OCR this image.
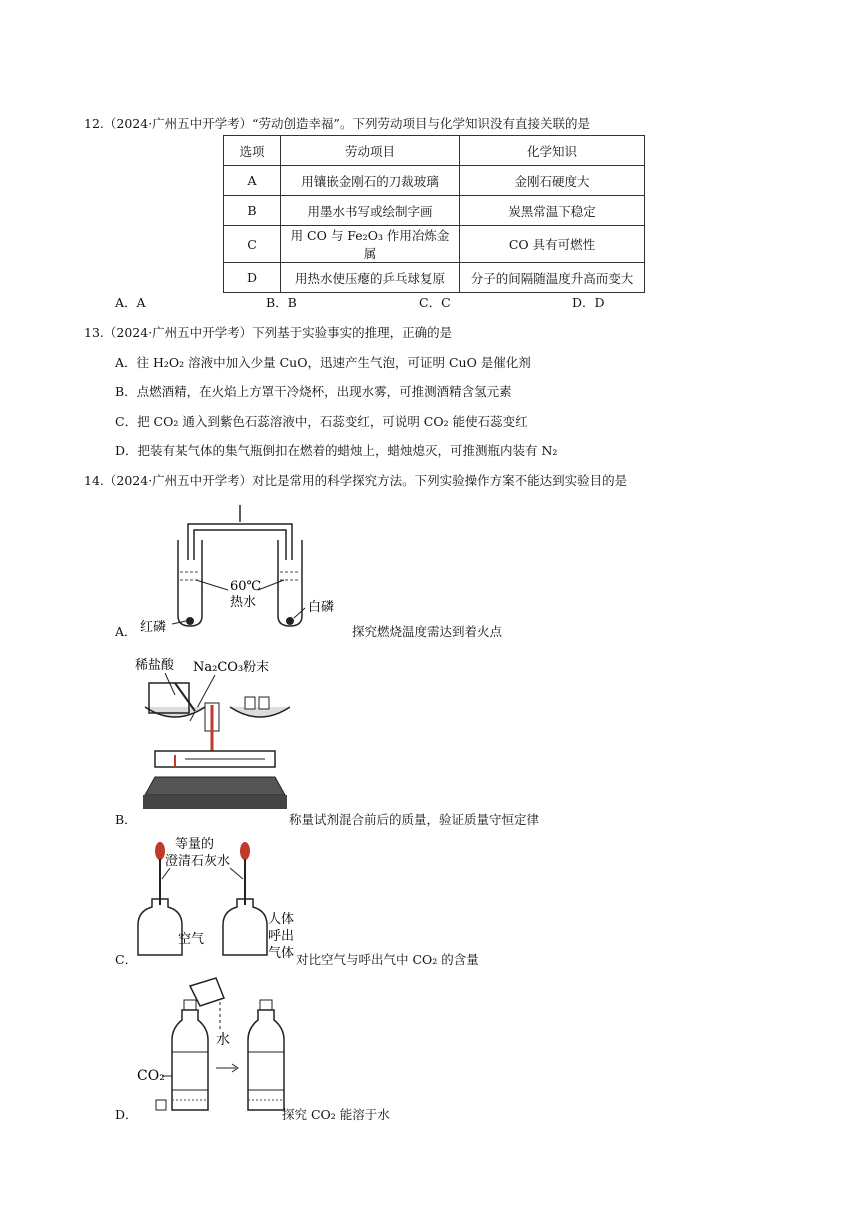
12.（2024·广州五中开学考）“劳动创造幸福”。下列劳动项目与化学知识没有直接关联的是
选项	劳动项目	化学知识
A	用镶嵌金刚石的刀裁玻璃	金刚石硬度大
B	用墨水书写或绘制字画	炭黑常温下稳定
C	用 CO 与 Fe₂O₃ 作用冶炼金属	CO 具有可燃性
D	用热水使压瘪的乒乓球复原	分子的间隔随温度升高而变大
A．A	B．B	C．C	D．D
13.（2024·广州五中开学考）下列基于实验事实的推理，正确的是
A．往 H₂O₂ 溶液中加入少量 CuO，迅速产生气泡，可证明 CuO 是催化剂
B．点燃酒精，在火焰上方罩干冷烧杯，出现水雾，可推测酒精含氢元素
C．把 CO₂ 通入到紫色石蕊溶液中，石蕊变红，可说明 CO₂ 能使石蕊变红
D．把装有某气体的集气瓶倒扣在燃着的蜡烛上，蜡烛熄灭，可推测瓶内装有 N₂
14.（2024·广州五中开学考）对比是常用的科学探究方法。下列实验操作方案不能达到实验目的是
A．
60℃
热水
红磷
白磷
探究燃烧温度需达到着火点
B．
稀盐酸 Na₂CO₃粉末
称量试剂混合前后的质量，验证质量守恒定律
C．
等量的
澄清石灰水
空气
人体
呼出
气体 对比空气与呼出气中 CO₂ 的含量
D．
水
CO₂
探究 CO₂ 能溶于水
